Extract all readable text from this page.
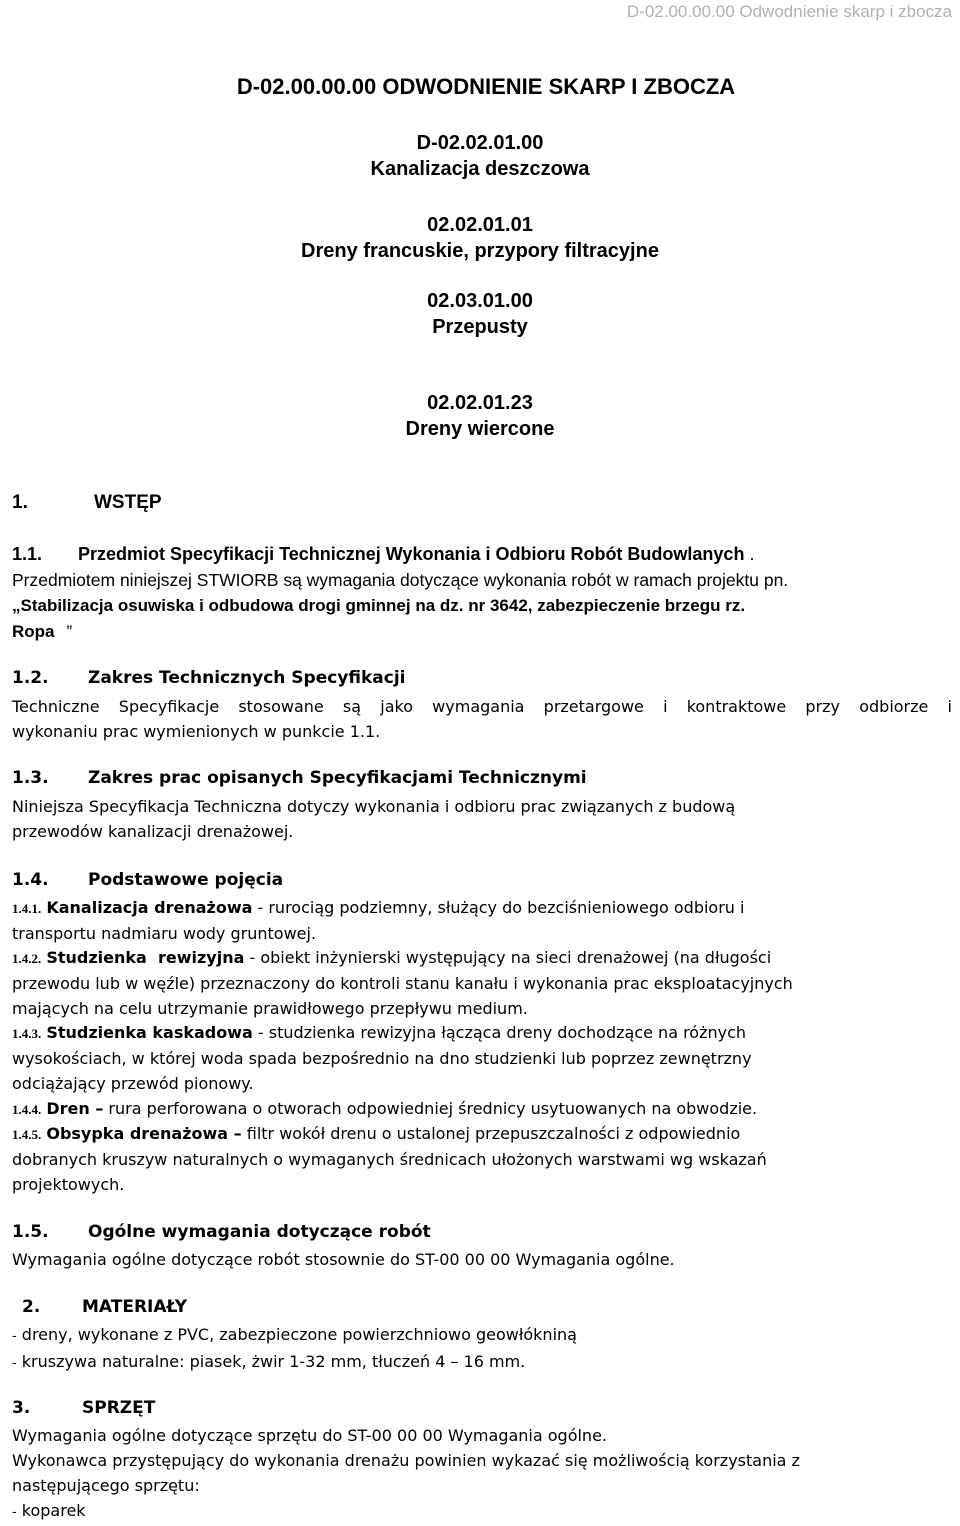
D-02.00.00.00 Odwodnienie skarp i zbocza
D-02.00.00.00 ODWODNIENIE SKARP I ZBOCZA
D-02.02.01.00
Kanalizacja deszczowa
02.02.01.01
Dreny francuskie, przypory filtracyjne
02.03.01.00
Przepusty
02.02.01.23
Dreny wiercone
1.	WSTĘP
1.1. Przedmiot Specyfikacji Technicznej Wykonania i Odbioru Robót Budowlanych .
Przedmiotem niniejszej STWIORB są wymagania dotyczące wykonania robót w ramach projektu pn.
„Stabilizacja osuwiska i odbudowa drogi gminnej na dz. nr 3642, zabezpieczenie brzegu rz.
Ropa ”
1.2. Zakres Technicznych Specyfikacji
Techniczne Specyfikacje stosowane są jako wymagania przetargowe i kontraktowe przy odbiorze i
wykonaniu prac wymienionych w punkcie 1.1.
1.3. Zakres prac opisanych Specyfikacjami Technicznymi
Niniejsza Specyfikacja Techniczna dotyczy wykonania i odbioru prac związanych z budową
przewodów kanalizacji drenażowej.
1.4. Podstawowe pojęcia
1.4.1. Kanalizacja drenażowa - rurociąg podziemny, służący do bezciśnieniowego odbioru i
transportu nadmiaru wody gruntowej.
1.4.2. Studzienka  rewizyjna - obiekt inżynierski występujący na sieci drenażowej (na długości
przewodu lub w węźle) przeznaczony do kontroli stanu kanału i wykonania prac eksploatacyjnych
mających na celu utrzymanie prawidłowego przepływu medium.
1.4.3. Studzienka kaskadowa - studzienka rewizyjna łącząca dreny dochodzące na różnych
wysokościach, w której woda spada bezpośrednio na dno studzienki lub poprzez zewnętrzny
odciążający przewód pionowy.
1.4.4. Dren – rura perforowana o otworach odpowiedniej średnicy usytuowanych na obwodzie.
1.4.5. Obsypka drenażowa – filtr wokół drenu o ustalonej przepuszczalności z odpowiednio
dobranych kruszyw naturalnych o wymaganych średnicach ułożonych warstwami wg wskazań
projektowych.
1.5. Ogólne wymagania dotyczące robót
Wymagania ogólne dotyczące robót stosownie do ST-00 00 00 Wymagania ogólne.
2. MATERIAŁY
- dreny, wykonane z PVC, zabezpieczone powierzchniowo geowłókniną
- kruszywa naturalne: piasek, żwir 1-32 mm, tłuczeń 4 – 16 mm.
3.	SPRZĘT
Wymagania ogólne dotyczące sprzętu do ST-00 00 00 Wymagania ogólne.
Wykonawca przystępujący do wykonania drenażu powinien wykazać się możliwością korzystania z
następującego sprzętu:
- koparek
